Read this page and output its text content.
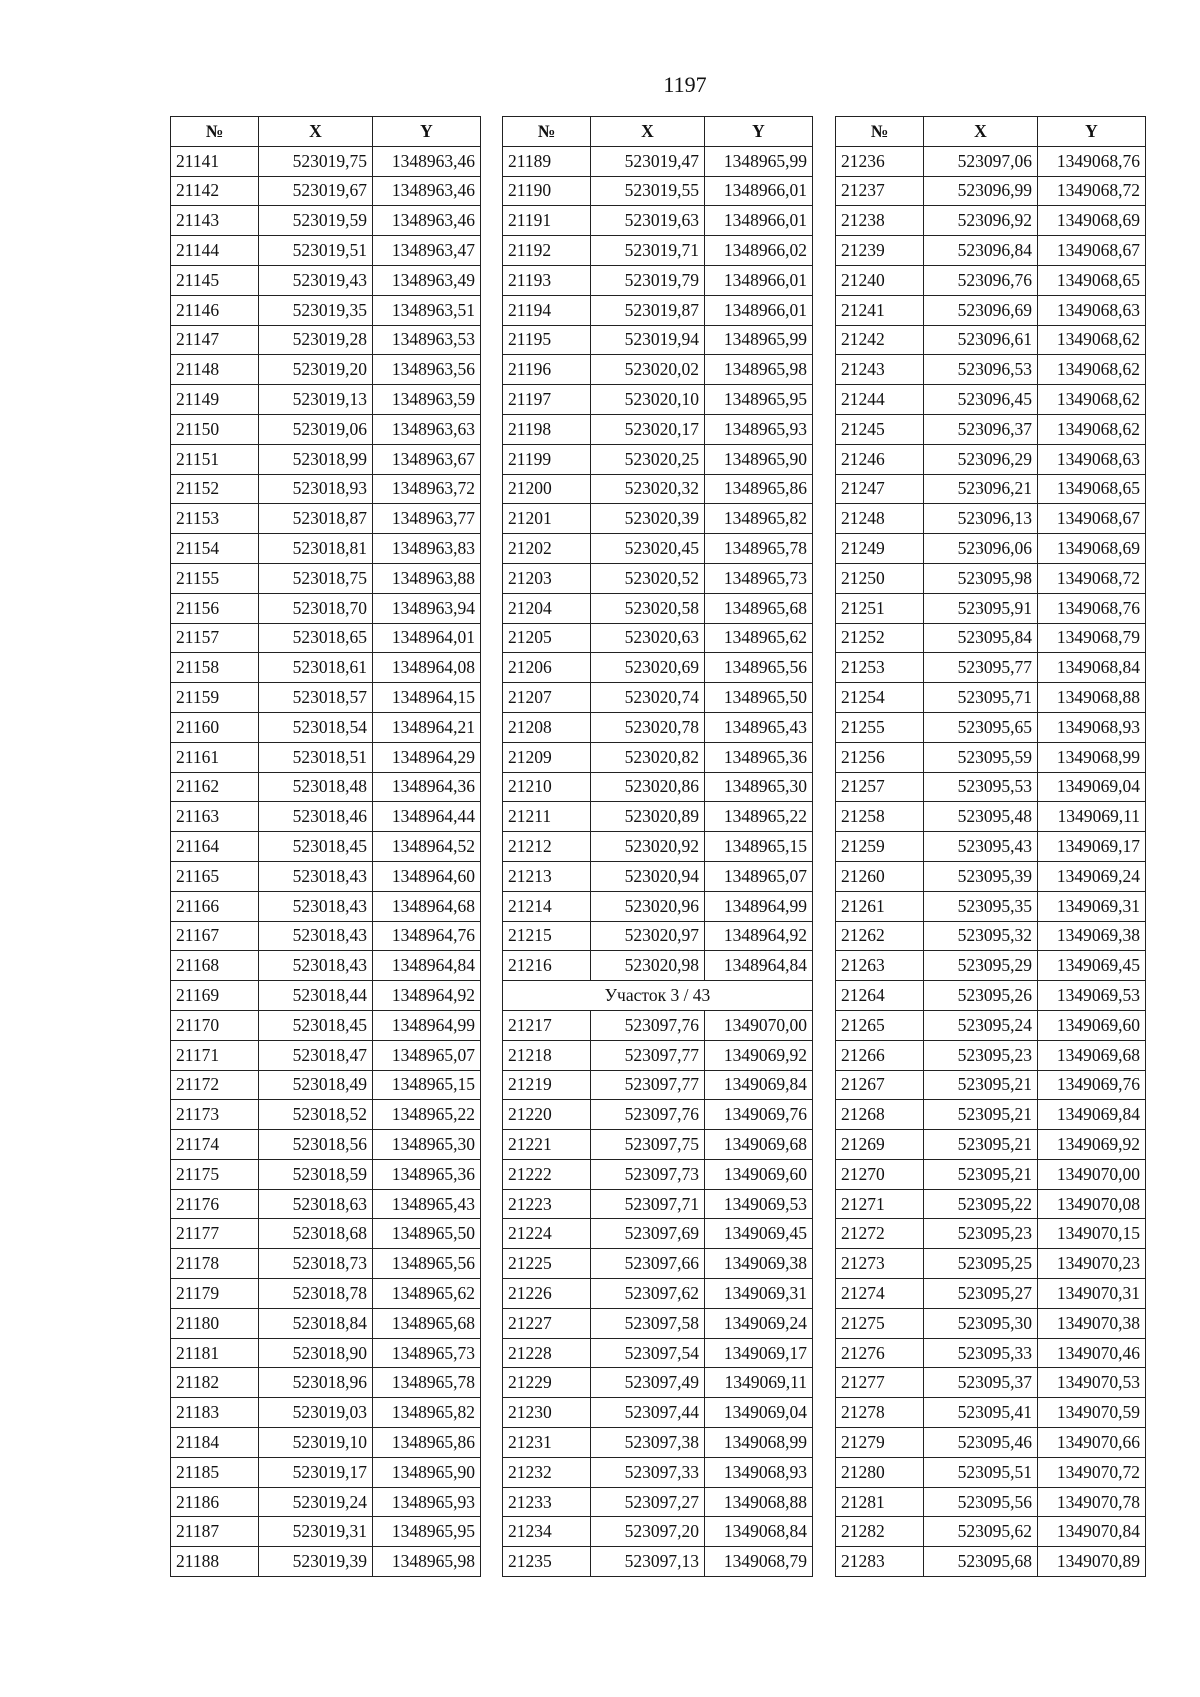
1197
№	X	Y
21141	523019,75	1348963,46
21142	523019,67	1348963,46
21143	523019,59	1348963,46
21144	523019,51	1348963,47
21145	523019,43	1348963,49
21146	523019,35	1348963,51
21147	523019,28	1348963,53
21148	523019,20	1348963,56
21149	523019,13	1348963,59
21150	523019,06	1348963,63
21151	523018,99	1348963,67
21152	523018,93	1348963,72
21153	523018,87	1348963,77
21154	523018,81	1348963,83
21155	523018,75	1348963,88
21156	523018,70	1348963,94
21157	523018,65	1348964,01
21158	523018,61	1348964,08
21159	523018,57	1348964,15
21160	523018,54	1348964,21
21161	523018,51	1348964,29
21162	523018,48	1348964,36
21163	523018,46	1348964,44
21164	523018,45	1348964,52
21165	523018,43	1348964,60
21166	523018,43	1348964,68
21167	523018,43	1348964,76
21168	523018,43	1348964,84
21169	523018,44	1348964,92
21170	523018,45	1348964,99
21171	523018,47	1348965,07
21172	523018,49	1348965,15
21173	523018,52	1348965,22
21174	523018,56	1348965,30
21175	523018,59	1348965,36
21176	523018,63	1348965,43
21177	523018,68	1348965,50
21178	523018,73	1348965,56
21179	523018,78	1348965,62
21180	523018,84	1348965,68
21181	523018,90	1348965,73
21182	523018,96	1348965,78
21183	523019,03	1348965,82
21184	523019,10	1348965,86
21185	523019,17	1348965,90
21186	523019,24	1348965,93
21187	523019,31	1348965,95
21188	523019,39	1348965,98
№	X	Y
21189	523019,47	1348965,99
21190	523019,55	1348966,01
21191	523019,63	1348966,01
21192	523019,71	1348966,02
21193	523019,79	1348966,01
21194	523019,87	1348966,01
21195	523019,94	1348965,99
21196	523020,02	1348965,98
21197	523020,10	1348965,95
21198	523020,17	1348965,93
21199	523020,25	1348965,90
21200	523020,32	1348965,86
21201	523020,39	1348965,82
21202	523020,45	1348965,78
21203	523020,52	1348965,73
21204	523020,58	1348965,68
21205	523020,63	1348965,62
21206	523020,69	1348965,56
21207	523020,74	1348965,50
21208	523020,78	1348965,43
21209	523020,82	1348965,36
21210	523020,86	1348965,30
21211	523020,89	1348965,22
21212	523020,92	1348965,15
21213	523020,94	1348965,07
21214	523020,96	1348964,99
21215	523020,97	1348964,92
21216	523020,98	1348964,84
Участок 3 / 43		
21217	523097,76	1349070,00
21218	523097,77	1349069,92
21219	523097,77	1349069,84
21220	523097,76	1349069,76
21221	523097,75	1349069,68
21222	523097,73	1349069,60
21223	523097,71	1349069,53
21224	523097,69	1349069,45
21225	523097,66	1349069,38
21226	523097,62	1349069,31
21227	523097,58	1349069,24
21228	523097,54	1349069,17
21229	523097,49	1349069,11
21230	523097,44	1349069,04
21231	523097,38	1349068,99
21232	523097,33	1349068,93
21233	523097,27	1349068,88
21234	523097,20	1349068,84
21235	523097,13	1349068,79
№	X	Y
21236	523097,06	1349068,76
21237	523096,99	1349068,72
21238	523096,92	1349068,69
21239	523096,84	1349068,67
21240	523096,76	1349068,65
21241	523096,69	1349068,63
21242	523096,61	1349068,62
21243	523096,53	1349068,62
21244	523096,45	1349068,62
21245	523096,37	1349068,62
21246	523096,29	1349068,63
21247	523096,21	1349068,65
21248	523096,13	1349068,67
21249	523096,06	1349068,69
21250	523095,98	1349068,72
21251	523095,91	1349068,76
21252	523095,84	1349068,79
21253	523095,77	1349068,84
21254	523095,71	1349068,88
21255	523095,65	1349068,93
21256	523095,59	1349068,99
21257	523095,53	1349069,04
21258	523095,48	1349069,11
21259	523095,43	1349069,17
21260	523095,39	1349069,24
21261	523095,35	1349069,31
21262	523095,32	1349069,38
21263	523095,29	1349069,45
21264	523095,26	1349069,53
21265	523095,24	1349069,60
21266	523095,23	1349069,68
21267	523095,21	1349069,76
21268	523095,21	1349069,84
21269	523095,21	1349069,92
21270	523095,21	1349070,00
21271	523095,22	1349070,08
21272	523095,23	1349070,15
21273	523095,25	1349070,23
21274	523095,27	1349070,31
21275	523095,30	1349070,38
21276	523095,33	1349070,46
21277	523095,37	1349070,53
21278	523095,41	1349070,59
21279	523095,46	1349070,66
21280	523095,51	1349070,72
21281	523095,56	1349070,78
21282	523095,62	1349070,84
21283	523095,68	1349070,89
